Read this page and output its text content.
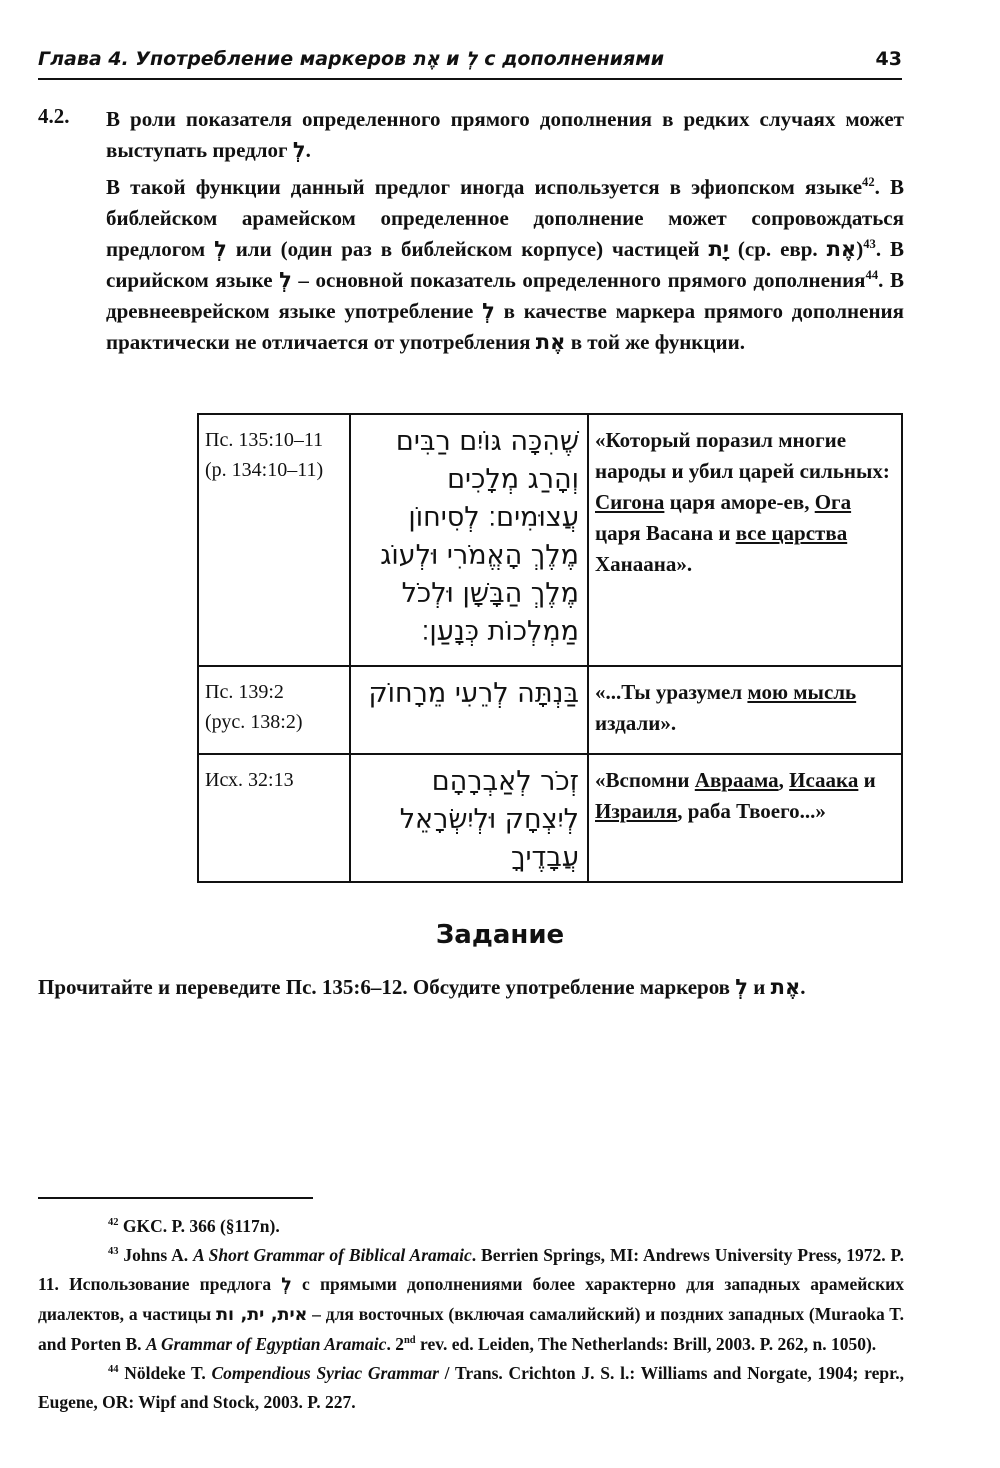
Глава 4. Употребление маркеров אֶת и לְ с дополнениями	43
4.2. В роли показателя определенного прямого дополнения в редких случаях может выступать предлог לְ.

В такой функции данный предлог иногда используется в эфиопском языке$^{42}$. В библейском арамейском определенное дополнение может сопровождаться предлогом לְ или (один раз в библейском корпусе) частицей יָת (ср. евр. אֶת)$^{43}$. В сирийском языке לְ – основной показатель определенного прямого дополнения$^{44}$. В древнееврейском языке употребление לְ в качестве маркера прямого дополнения практически не отличается от употребления אֶת в той же функции.

Пс. 135:10–11
(р. 134:10–11)	שֶׁהִכָּה גּוֹיִם רַבִּים וְהָרַג מְלָכִים עֲצוּמִים׃ לְסִיחוֹן מֶלֶךְ הָאֱמֹרִי וּלְעוֹג מֶלֶךְ הַבָּשָׁן וּלְכֹל מַמְלְכוֹת כְּנָעַן׃	«Который поразил многие народы и убил царей сильных: Сигона царя аморе-ев, Ога царя Васана и все царства Ханаана».

Пс. 139:2
(рус. 138:2)	בַּנְתָּה לְרֵעִי מֵרָחוֹק	«...Ты уразумел мою мысль издали».

Исх. 32:13	זְכֹר לְאַבְרָהָם לְיִצְחָק וּלְיִשְׂרָאֵל עֲבָדֶיךָ	«Вспомни Авраама, Исаака и Израиля, раба Твоего...»
Задание
Прочитайте и переведите Пс. 135:6–12. Обсудите употребление маркеров לְ и אֶת.

$^{42}$ GKC. P. 366 (§117n).

$^{43}$ Johns A. A Short Grammar of Biblical Aramaic. Berrien Springs, MI: Andrews University Press, 1972. P. 11. Использование предлога לְ с прямыми дополнениями более характерно для западных арамейских диалектов, а частицы אית, ית, ות – для восточных (включая самалийский) и поздних западных (Muraoka T. and Porten B. A Grammar of Egyptian Aramaic. 2nd rev. ed. Leiden, The Netherlands: Brill, 2003. P. 262, n. 1050).

$^{44}$ Nöldeke T. Compendious Syriac Grammar / Trans. Crichton J. S. l.: Williams and Norgate, 1904; repr., Eugene, OR: Wipf and Stock, 2003. P. 227.
